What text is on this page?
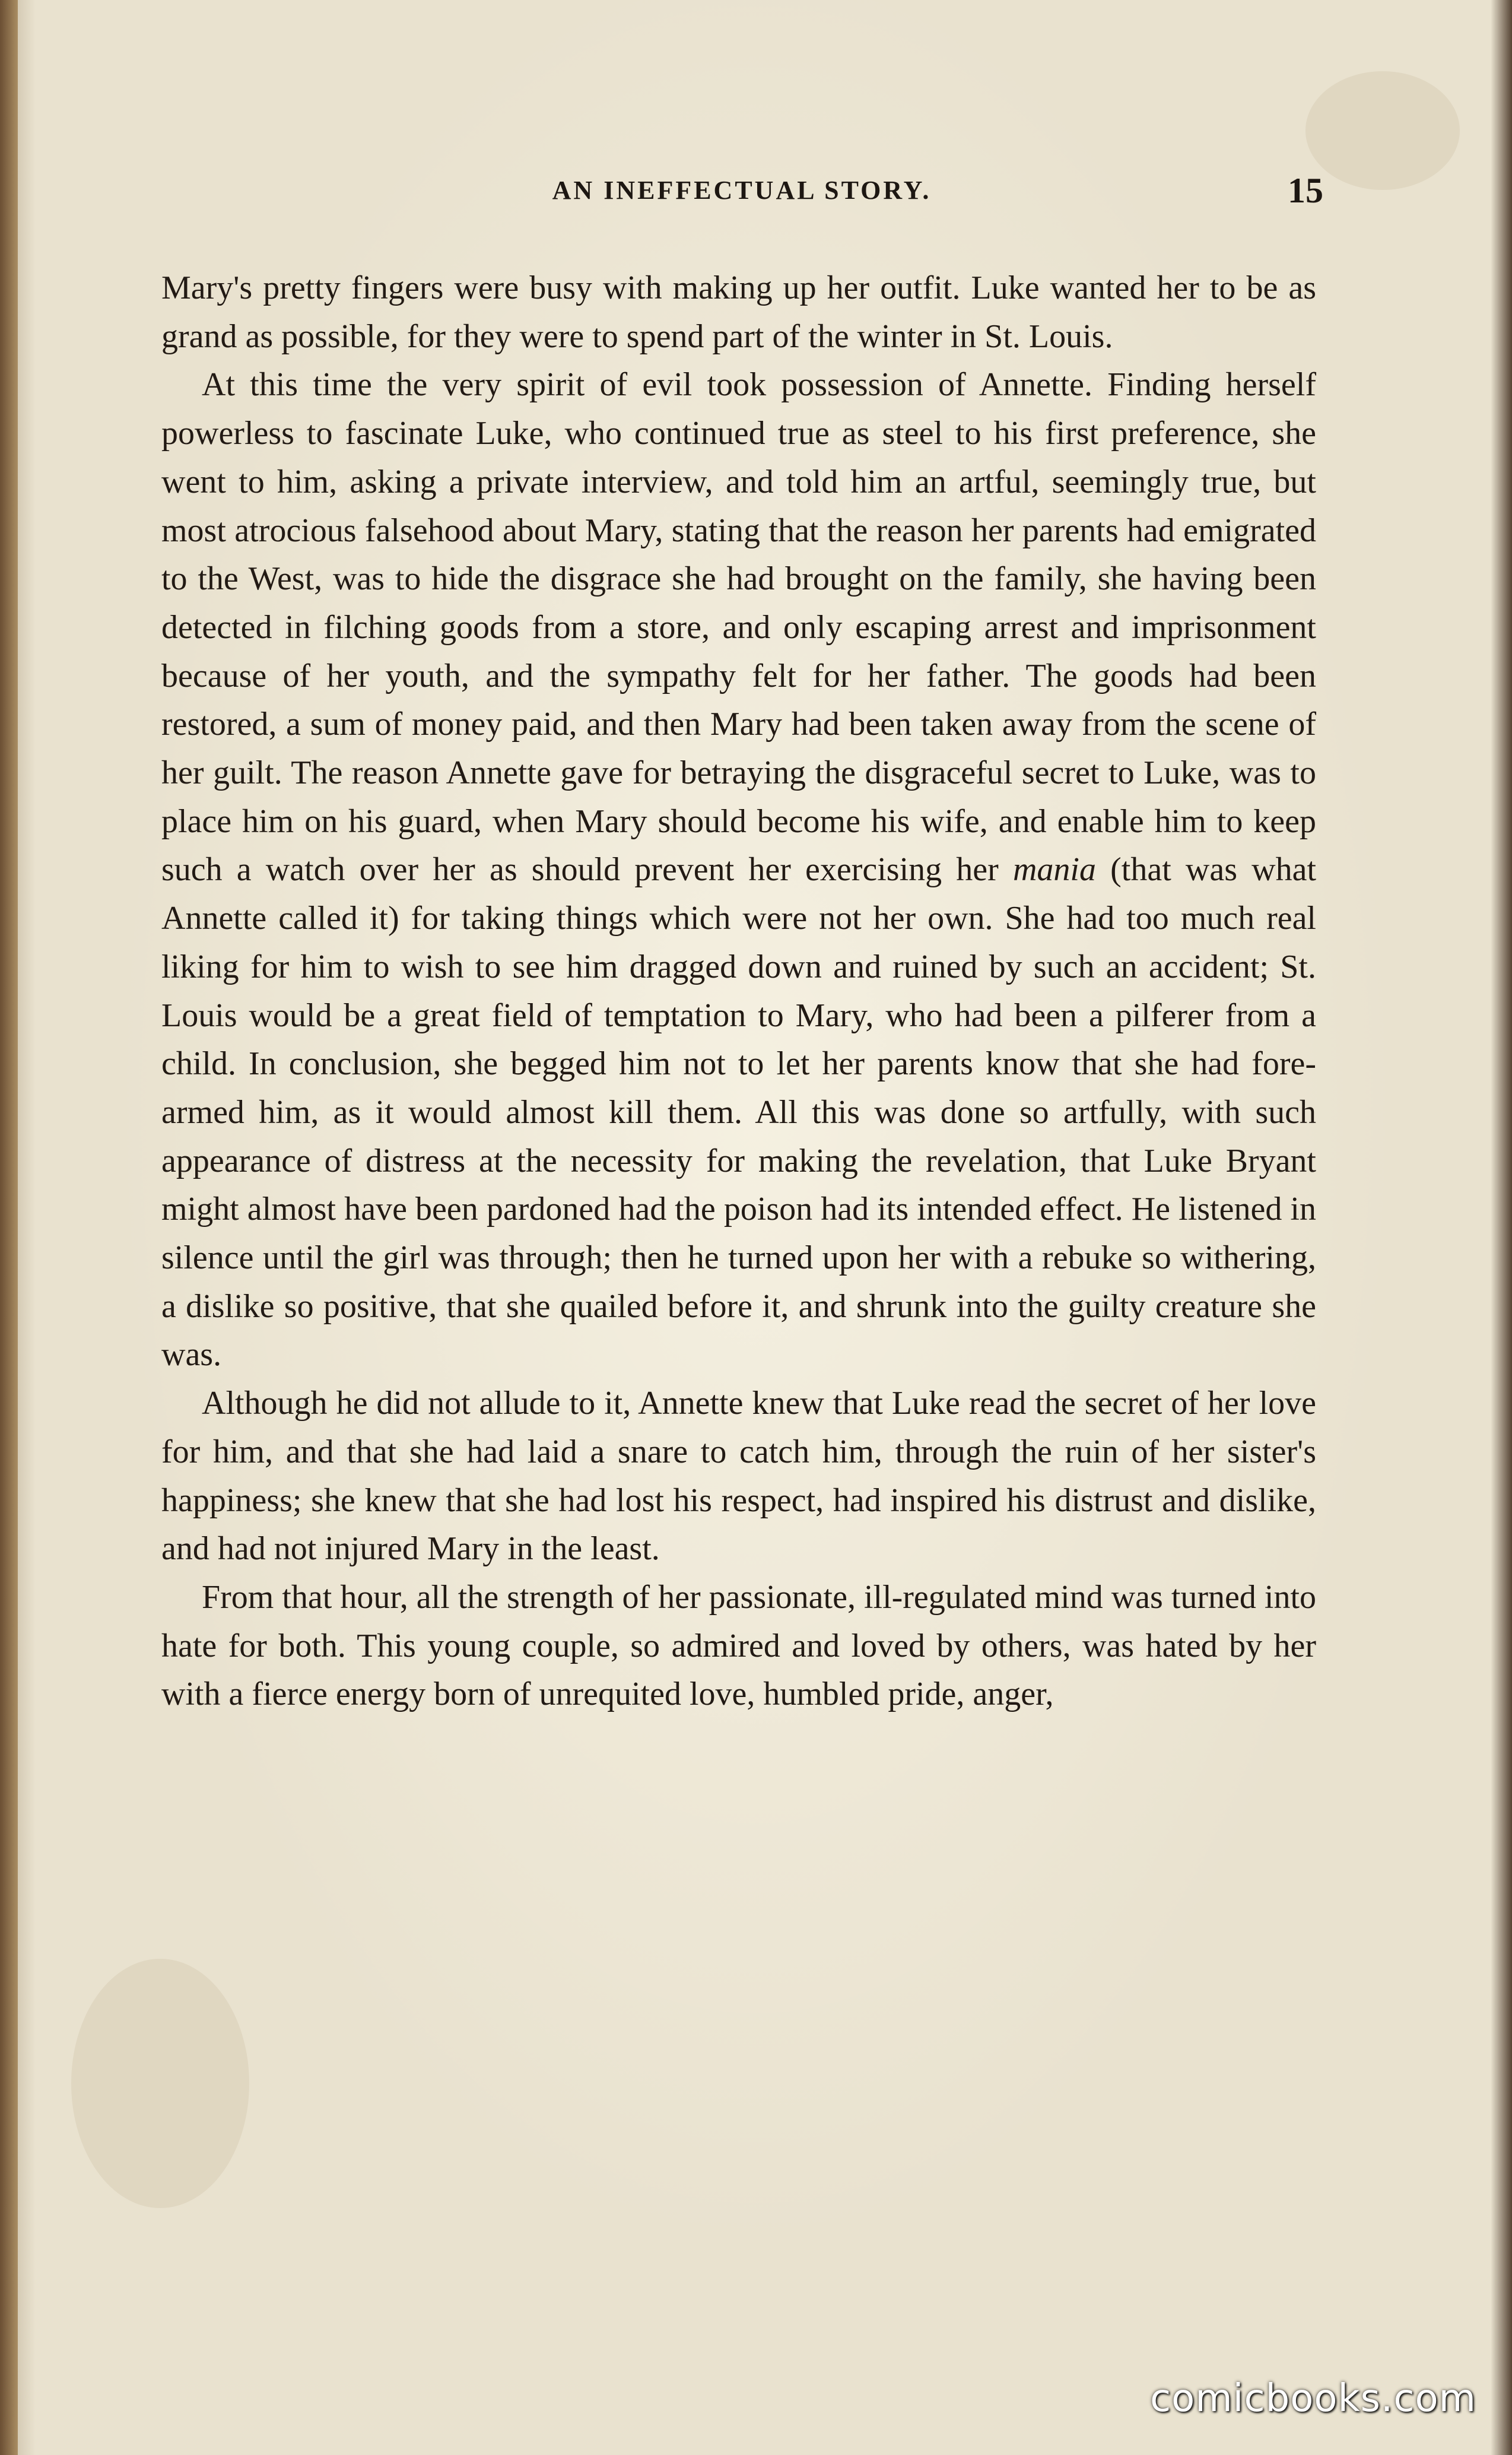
AN INEFFECTUAL STORY.	15

Mary's pretty fingers were busy with making up her outfit. Luke wanted her to be as grand as possible, for they were to spend part of the winter in St. Louis.

At this time the very spirit of evil took possession of Annette. Finding herself powerless to fascinate Luke, who continued true as steel to his first preference, she went to him, asking a private interview, and told him an artful, seemingly true, but most atrocious falsehood about Mary, stating that the reason her parents had emigrated to the West, was to hide the disgrace she had brought on the family, she having been detected in filching goods from a store, and only escaping arrest and imprisonment because of her youth, and the sympathy felt for her father. The goods had been restored, a sum of money paid, and then Mary had been taken away from the scene of her guilt. The reason Annette gave for betraying the disgraceful secret to Luke, was to place him on his guard, when Mary should become his wife, and enable him to keep such a watch over her as should prevent her exercising her mania (that was what Annette called it) for taking things which were not her own. She had too much real liking for him to wish to see him dragged down and ruined by such an accident; St. Louis would be a great field of temptation to Mary, who had been a pilferer from a child. In conclusion, she begged him not to let her parents know that she had fore-armed him, as it would almost kill them. All this was done so artfully, with such appearance of distress at the necessity for making the revelation, that Luke Bryant might almost have been pardoned had the poison had its intended effect. He listened in silence until the girl was through; then he turned upon her with a rebuke so withering, a dislike so positive, that she quailed before it, and shrunk into the guilty creature she was.

Although he did not allude to it, Annette knew that Luke read the secret of her love for him, and that she had laid a snare to catch him, through the ruin of her sister's happiness; she knew that she had lost his respect, had inspired his distrust and dislike, and had not injured Mary in the least.

From that hour, all the strength of her passionate, ill-regulated mind was turned into hate for both. This young couple, so admired and loved by others, was hated by her with a fierce energy born of unrequited love, humbled pride, anger,

comicbooks.com
